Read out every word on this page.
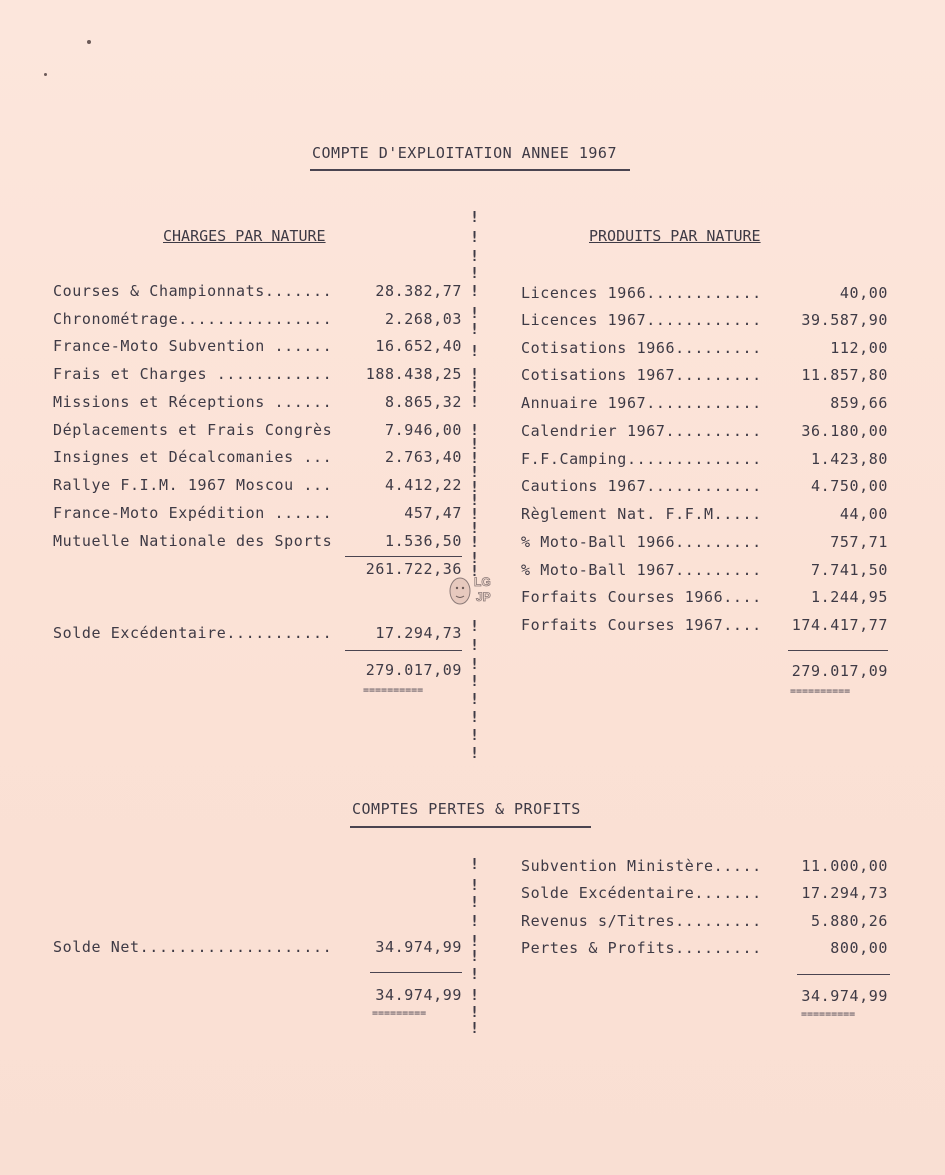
COMPTE D'EXPLOITATION ANNEE 1967
CHARGES PAR NATURE	PRODUITS PAR NATURE
Courses & Championnats.......	28.382,77
Chronométrage................	2.268,03
France-Moto Subvention ......	16.652,40
Frais et Charges ............	188.438,25
Missions et Réceptions ......	8.865,32
Déplacements et Frais Congrès	7.946,00
Insignes et Décalcomanies ...	2.763,40
Rallye F.I.M. 1967 Moscou ...	4.412,22
France-Moto Expédition ......	457,47
Mutuelle Nationale des Sports	1.536,50
261.722,36
Solde Excédentaire...........	17.294,73
279.017,09
==========
Licences 1966............	40,00
Licences 1967............	39.587,90
Cotisations 1966.........	112,00
Cotisations 1967.........	11.857,80
Annuaire 1967............	859,66
Calendrier 1967..........	36.180,00
F.F.Camping..............	1.423,80
Cautions 1967............	4.750,00
Règlement Nat. F.F.M.....	44,00
% Moto-Ball 1966.........	757,71
% Moto-Ball 1967.........	7.741,50
Forfaits Courses 1966....	1.244,95
Forfaits Courses 1967....	174.417,77
279.017,09
==========
!
!
!
!
!
!
!
!
!
!
!
!
!
!
!
!
!
!
!
!
!
!
!
!
!
!
!
!
!
!
LG
JP
COMPTES PERTES & PROFITS
Subvention Ministère.....	11.000,00
Solde Excédentaire.......	17.294,73
Revenus s/Titres.........	5.880,26
Pertes & Profits.........	800,00
34.974,99
=========
Solde Net....................	34.974,99
34.974,99
=========
!
!
!
!
!
!
!
!
!
!
